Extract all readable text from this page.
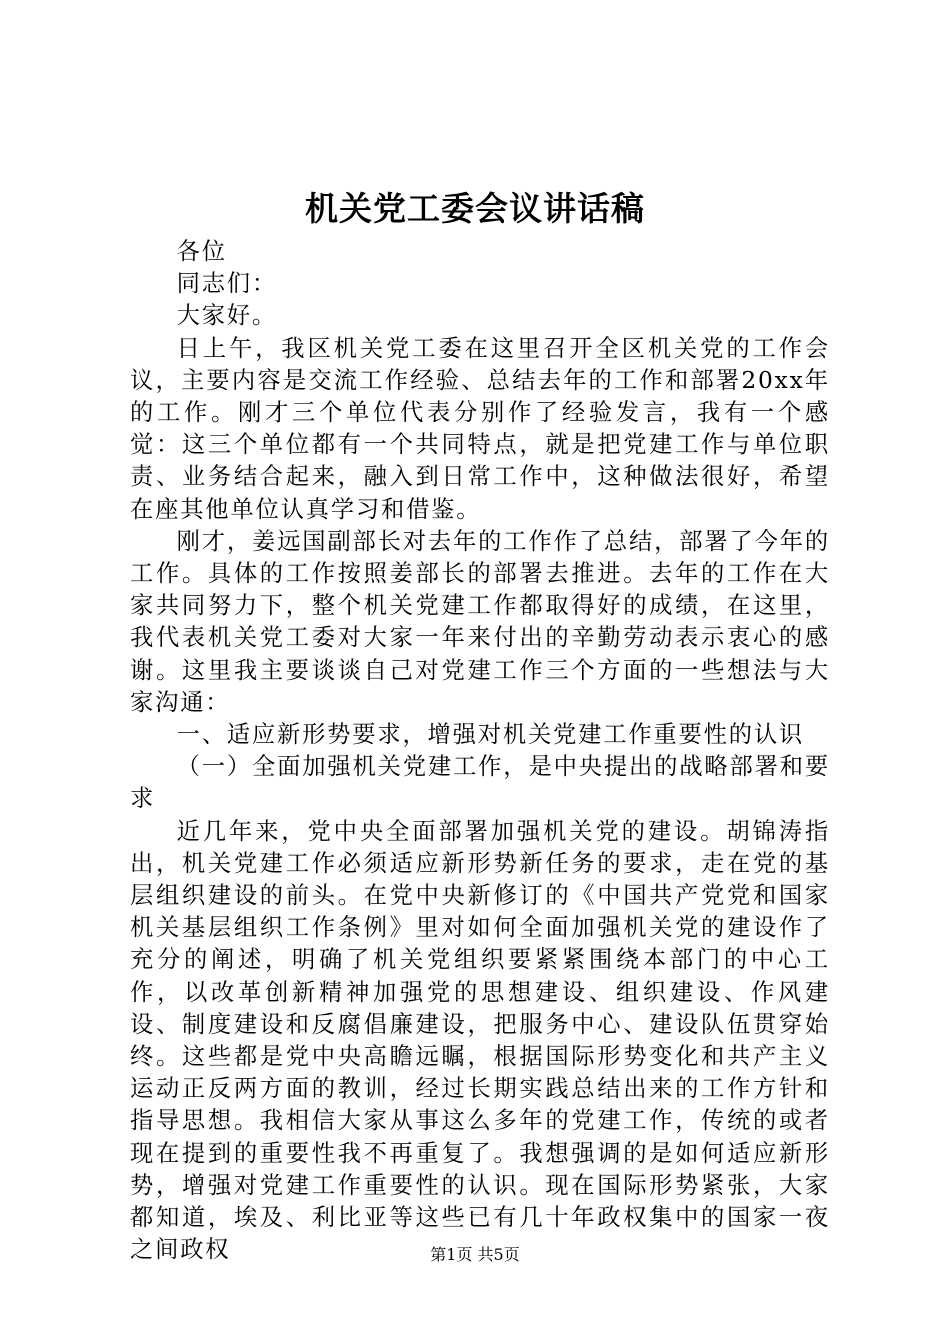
机关党工委会议讲话稿

各位

同志们：

大家好。

日上午，我区机关党工委在这里召开全区机关党的工作会议，主要内容是交流工作经验、总结去年的工作和部署20xx年的工作。刚才三个单位代表分别作了经验发言，我有一个感觉：这三个单位都有一个共同特点，就是把党建工作与单位职责、业务结合起来，融入到日常工作中，这种做法很好，希望在座其他单位认真学习和借鉴。

刚才，姜远国副部长对去年的工作作了总结，部署了今年的工作。具体的工作按照姜部长的部署去推进。去年的工作在大家共同努力下，整个机关党建工作都取得好的成绩，在这里，我代表机关党工委对大家一年来付出的辛勤劳动表示衷心的感谢。这里我主要谈谈自己对党建工作三个方面的一些想法与大家沟通：

一、适应新形势要求，增强对机关党建工作重要性的认识

（一）全面加强机关党建工作，是中央提出的战略部署和要求

近几年来，党中央全面部署加强机关党的建设。胡锦涛指出，机关党建工作必须适应新形势新任务的要求，走在党的基层组织建设的前头。在党中央新修订的《中国共产党党和国家机关基层组织工作条例》里对如何全面加强机关党的建设作了充分的阐述，明确了机关党组织要紧紧围绕本部门的中心工作，以改革创新精神加强党的思想建设、组织建设、作风建设、制度建设和反腐倡廉建设，把服务中心、建设队伍贯穿始终。这些都是党中央高瞻远瞩，根据国际形势变化和共产主义运动正反两方面的教训，经过长期实践总结出来的工作方针和指导思想。我相信大家从事这么多年的党建工作，传统的或者现在提到的重要性我不再重复了。我想强调的是如何适应新形势，增强对党建工作重要性的认识。现在国际形势紧张，大家都知道，埃及、利比亚等这些已有几十年政权集中的国家一夜之间政权	第1页 共5页
